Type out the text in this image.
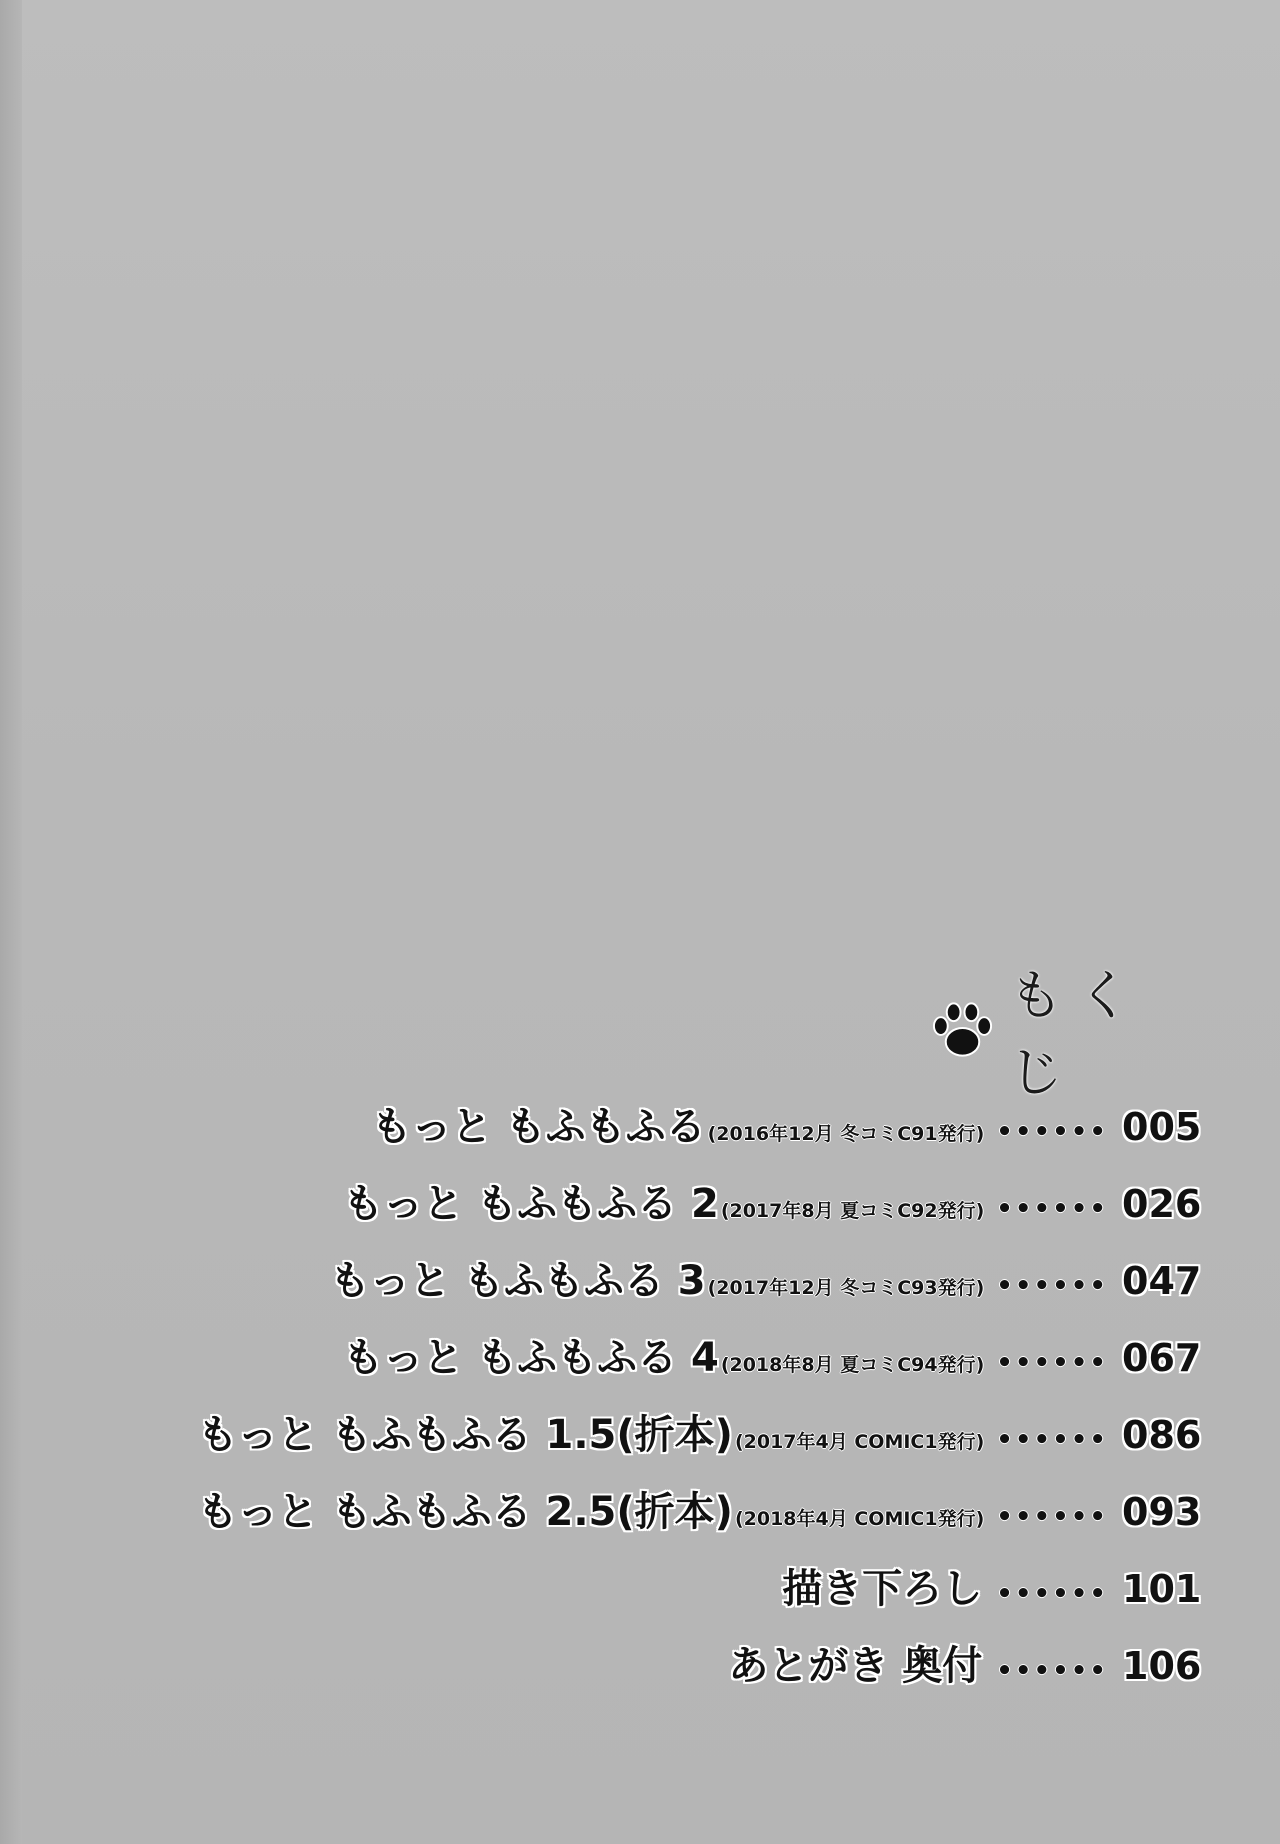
もくじ
もっと もふもふる (2016年12月 冬コミC91発行) •••••• 005
もっと もふもふる 2 (2017年8月 夏コミC92発行) •••••• 026
もっと もふもふる 3 (2017年12月 冬コミC93発行) •••••• 047
もっと もふもふる 4 (2018年8月 夏コミC94発行) •••••• 067
もっと もふもふる 1.5(折本) (2017年4月 COMIC1発行) •••••• 086
もっと もふもふる 2.5(折本) (2018年4月 COMIC1発行) •••••• 093
描き下ろし •••••• 101
あとがき 奥付 •••••• 106
